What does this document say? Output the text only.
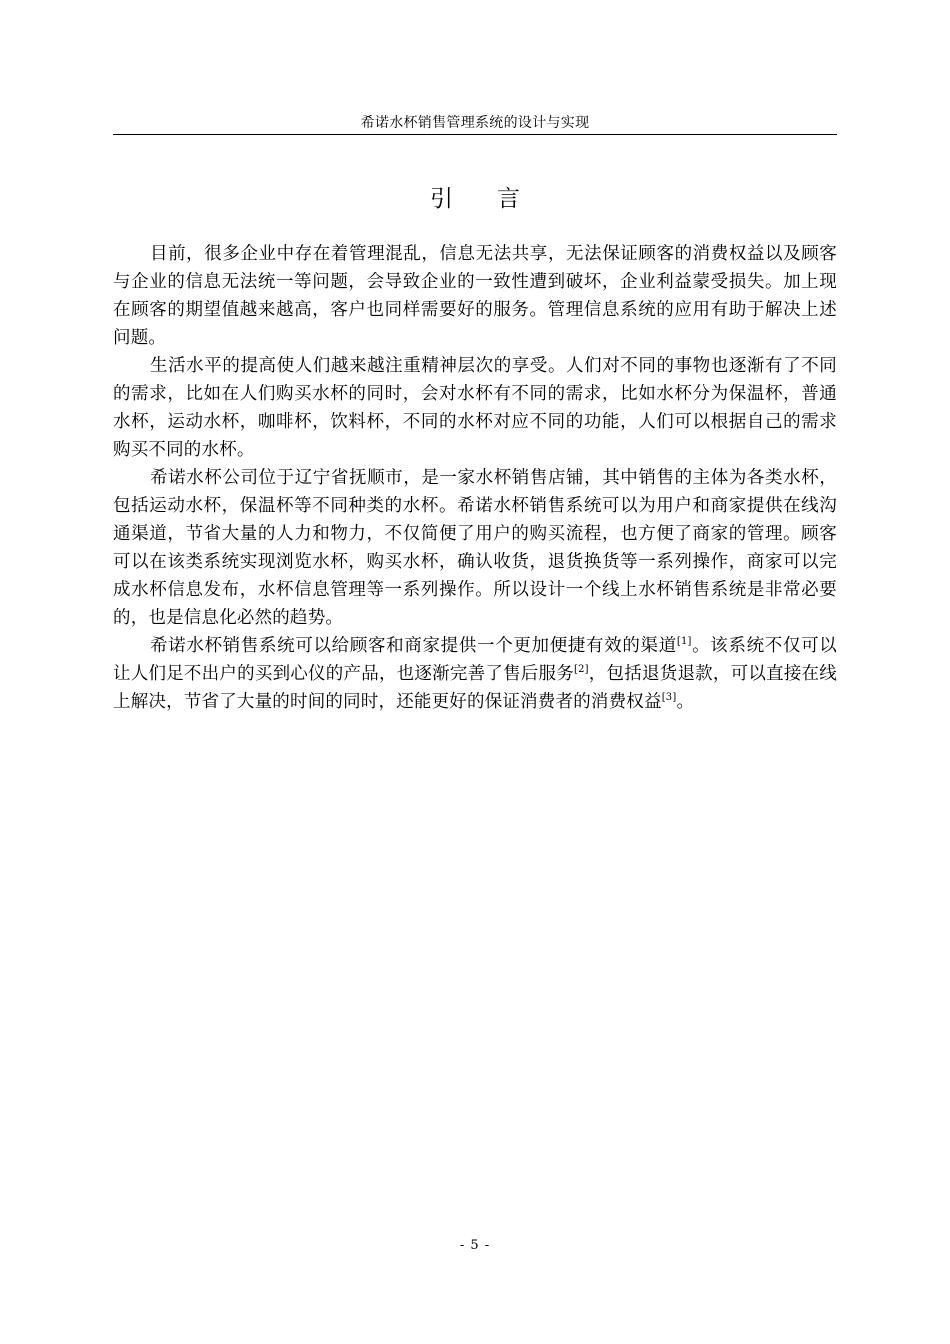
希诺水杯销售管理系统的设计与实现
引言

目前，很多企业中存在着管理混乱，信息无法共享，无法保证顾客的消费权益以及顾客与企业的信息无法统一等问题，会导致企业的一致性遭到破坏，企业利益蒙受损失。加上现在顾客的期望值越来越高，客户也同样需要好的服务。管理信息系统的应用有助于解决上述问题。

生活水平的提高使人们越来越注重精神层次的享受。人们对不同的事物也逐渐有了不同的需求，比如在人们购买水杯的同时，会对水杯有不同的需求，比如水杯分为保温杯，普通水杯，运动水杯，咖啡杯，饮料杯，不同的水杯对应不同的功能，人们可以根据自己的需求购买不同的水杯。

希诺水杯公司位于辽宁省抚顺市，是一家水杯销售店铺，其中销售的主体为各类水杯，包括运动水杯，保温杯等不同种类的水杯。希诺水杯销售系统可以为用户和商家提供在线沟通渠道，节省大量的人力和物力，不仅简便了用户的购买流程，也方便了商家的管理。顾客可以在该类系统实现浏览水杯，购买水杯，确认收货，退货换货等一系列操作，商家可以完成水杯信息发布，水杯信息管理等一系列操作。所以设计一个线上水杯销售系统是非常必要的，也是信息化必然的趋势。

希诺水杯销售系统可以给顾客和商家提供一个更加便捷有效的渠道[1]。该系统不仅可以让人们足不出户的买到心仪的产品，也逐渐完善了售后服务[2]，包括退货退款，可以直接在线上解决，节省了大量的时间的同时，还能更好的保证消费者的消费权益[3]。

- 5 -
